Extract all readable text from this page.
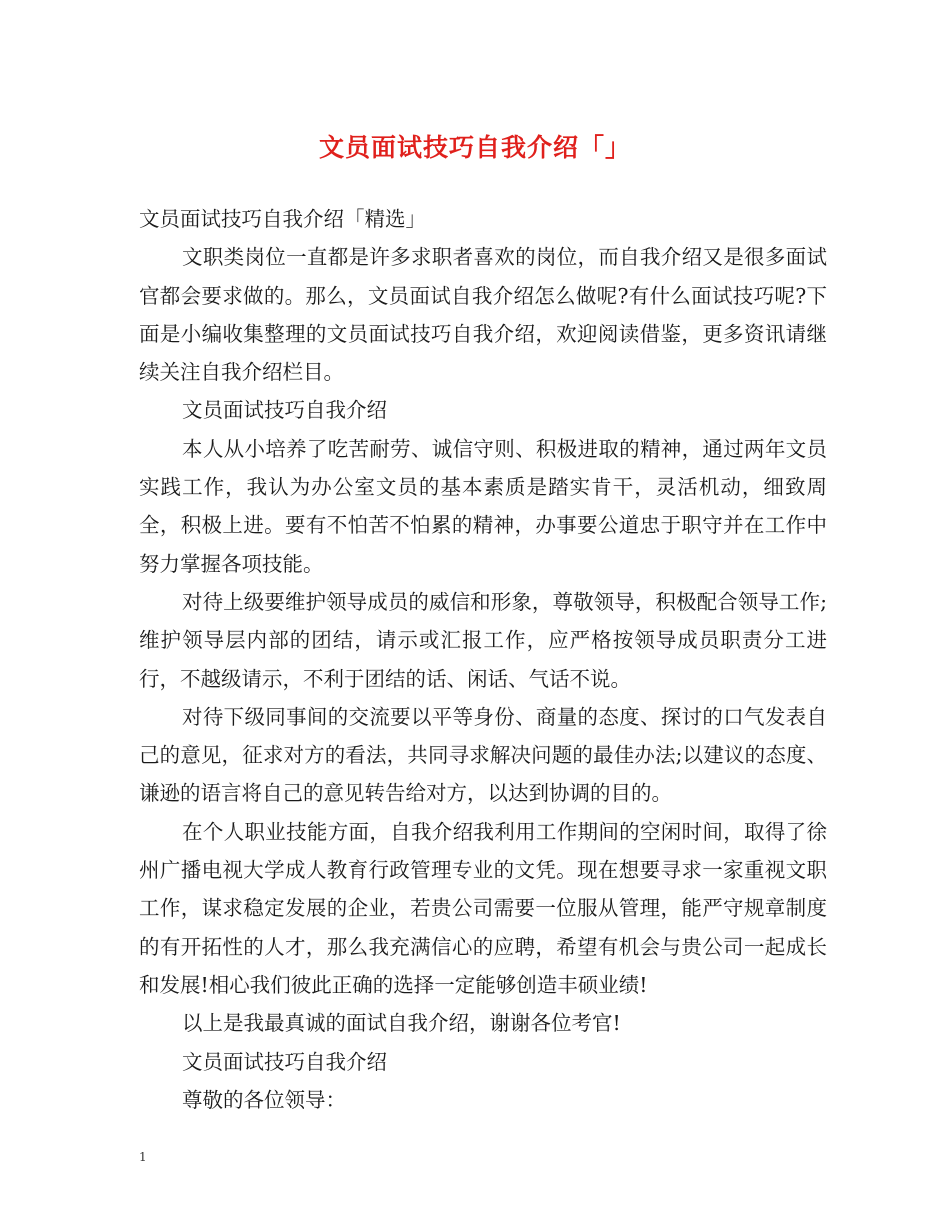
文员面试技巧自我介绍「」

文员面试技巧自我介绍「精选」

文职类岗位一直都是许多求职者喜欢的岗位，而自我介绍又是很多面试官都会要求做的。那么，文员面试自我介绍怎么做呢?有什么面试技巧呢?下面是小编收集整理的文员面试技巧自我介绍，欢迎阅读借鉴，更多资讯请继续关注自我介绍栏目。

文员面试技巧自我介绍

本人从小培养了吃苦耐劳、诚信守则、积极进取的精神，通过两年文员实践工作，我认为办公室文员的基本素质是踏实肯干，灵活机动，细致周全，积极上进。要有不怕苦不怕累的精神，办事要公道忠于职守并在工作中努力掌握各项技能。

对待上级要维护领导成员的威信和形象，尊敬领导，积极配合领导工作;维护领导层内部的团结，请示或汇报工作，应严格按领导成员职责分工进行，不越级请示，不利于团结的话、闲话、气话不说。

对待下级同事间的交流要以平等身份、商量的态度、探讨的口气发表自己的意见，征求对方的看法，共同寻求解决问题的最佳办法;以建议的态度、谦逊的语言将自己的意见转告给对方，以达到协调的目的。

在个人职业技能方面，自我介绍我利用工作期间的空闲时间，取得了徐州广播电视大学成人教育行政管理专业的文凭。现在想要寻求一家重视文职工作，谋求稳定发展的企业，若贵公司需要一位服从管理，能严守规章制度的有开拓性的人才，那么我充满信心的应聘，希望有机会与贵公司一起成长和发展!相心我们彼此正确的选择一定能够创造丰硕业绩!

以上是我最真诚的面试自我介绍，谢谢各位考官!

文员面试技巧自我介绍

尊敬的各位领导：

1
